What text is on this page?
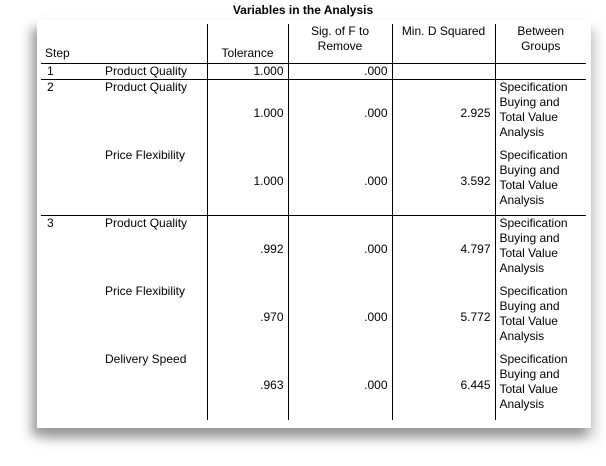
Variables in the Analysis
Step		Tolerance	Sig. of F to Remove	Min. D Squared	Between Groups
1	Product Quality	1.000	.000		
2	Product Quality	1.000	.000	2.925	Specification Buying and Total Value Analysis
	Price Flexibility	1.000	.000	3.592	Specification Buying and Total Value Analysis
3	Product Quality	.992	.000	4.797	Specification Buying and Total Value Analysis
	Price Flexibility	.970	.000	5.772	Specification Buying and Total Value Analysis
	Delivery Speed	.963	.000	6.445	Specification Buying and Total Value Analysis
